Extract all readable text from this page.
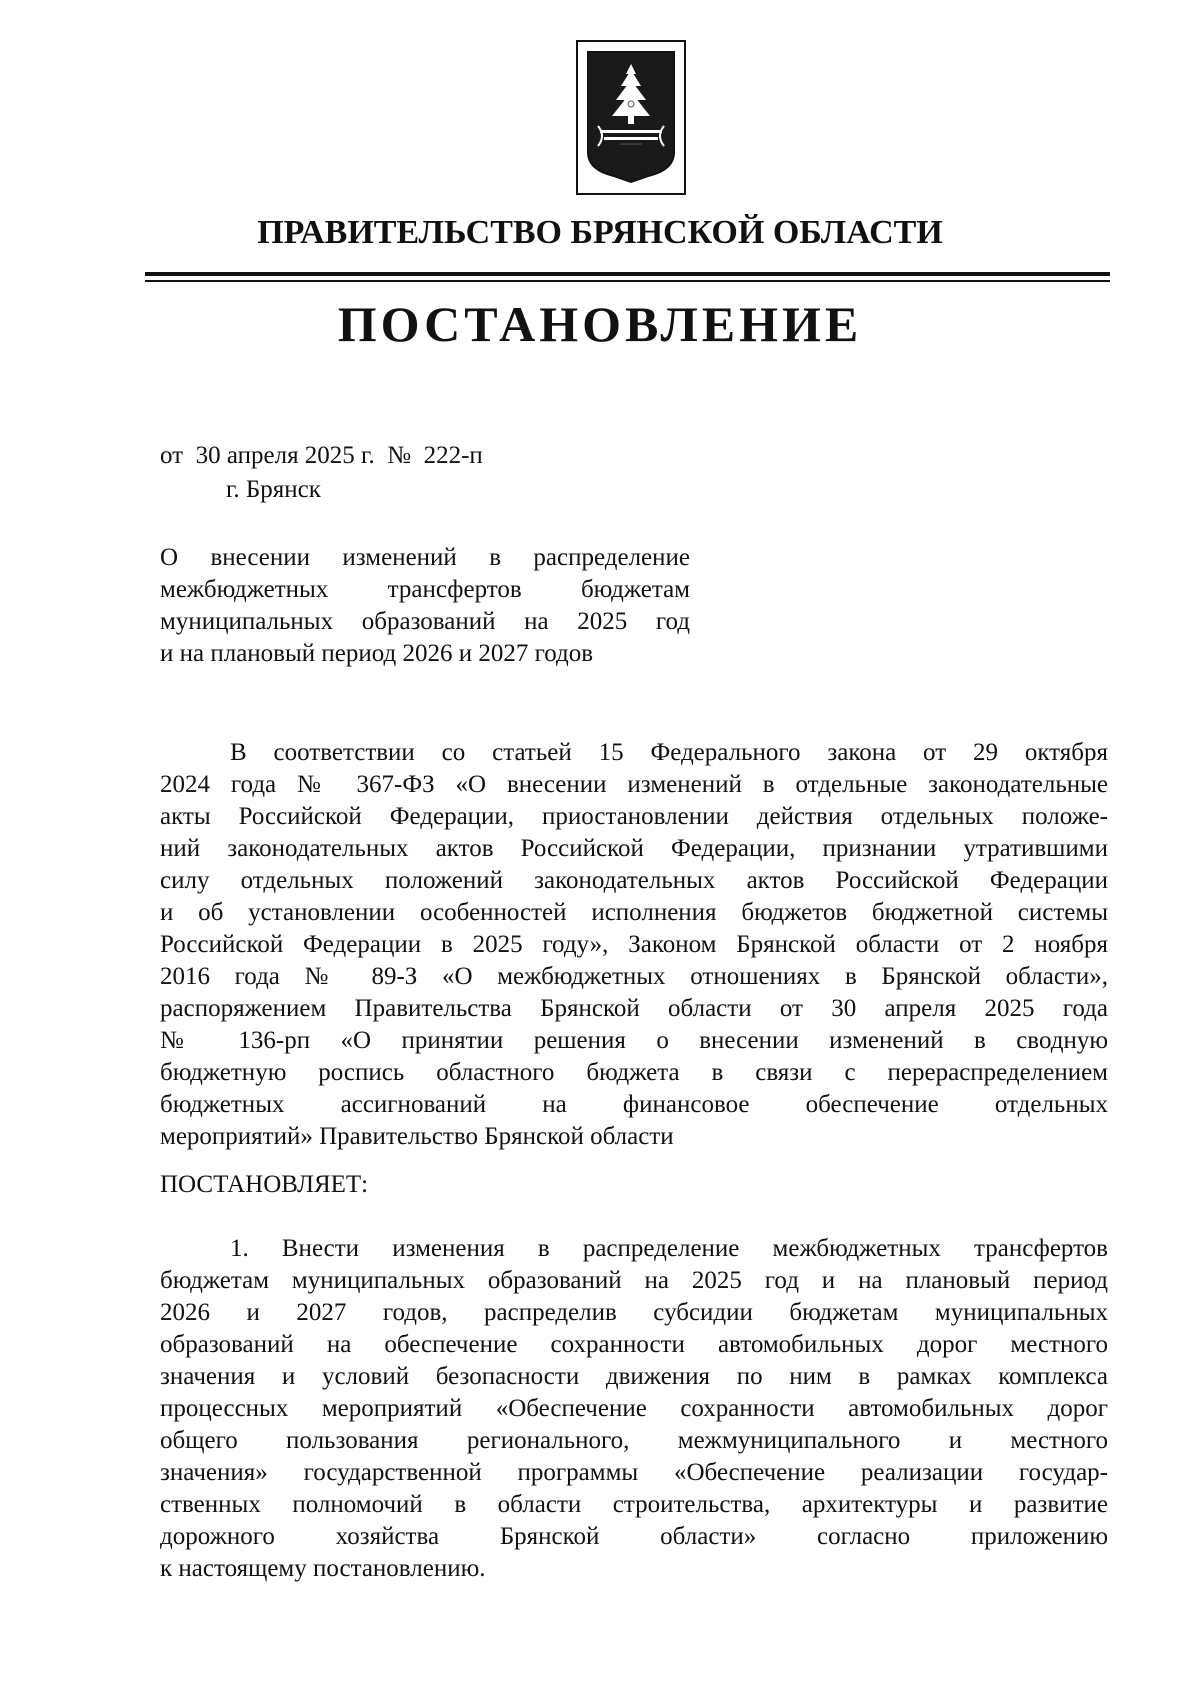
ПРАВИТЕЛЬСТВО БРЯНСКОЙ ОБЛАСТИ
ПОСТАНОВЛЕНИЕ
от  30 апреля 2025 г.  №  222-п
г. Брянск
О внесении изменений в распределение
межбюджетных трансфертов бюджетам
муниципальных образований на 2025 год
и на плановый период 2026 и 2027 годов
В соответствии со статьей 15 Федерального закона от 29 октября
2024 года № 367-ФЗ «О внесении изменений в отдельные законодательные
акты Российской Федерации, приостановлении действия отдельных положе-
ний законодательных актов Российской Федерации, признании утратившими
силу отдельных положений законодательных актов Российской Федерации
и об установлении особенностей исполнения бюджетов бюджетной системы
Российской Федерации в 2025 году», Законом Брянской области от 2 ноября
2016 года № 89-З «О межбюджетных отношениях в Брянской области»,
распоряжением Правительства Брянской области от 30 апреля 2025 года
№ 136-рп «О принятии решения о внесении изменений в сводную
бюджетную роспись областного бюджета в связи с перераспределением
бюджетных ассигнований на финансовое обеспечение отдельных
мероприятий» Правительство Брянской области
ПОСТАНОВЛЯЕТ:
1. Внести изменения в распределение межбюджетных трансфертов
бюджетам муниципальных образований на 2025 год и на плановый период
2026 и 2027 годов, распределив субсидии бюджетам муниципальных
образований на обеспечение сохранности автомобильных дорог местного
значения и условий безопасности движения по ним в рамках комплекса
процессных мероприятий «Обеспечение сохранности автомобильных дорог
общего пользования регионального, межмуниципального и местного
значения» государственной программы «Обеспечение реализации государ-
ственных полномочий в области строительства, архитектуры и развитие
дорожного хозяйства Брянской области» согласно приложению
к настоящему постановлению.
